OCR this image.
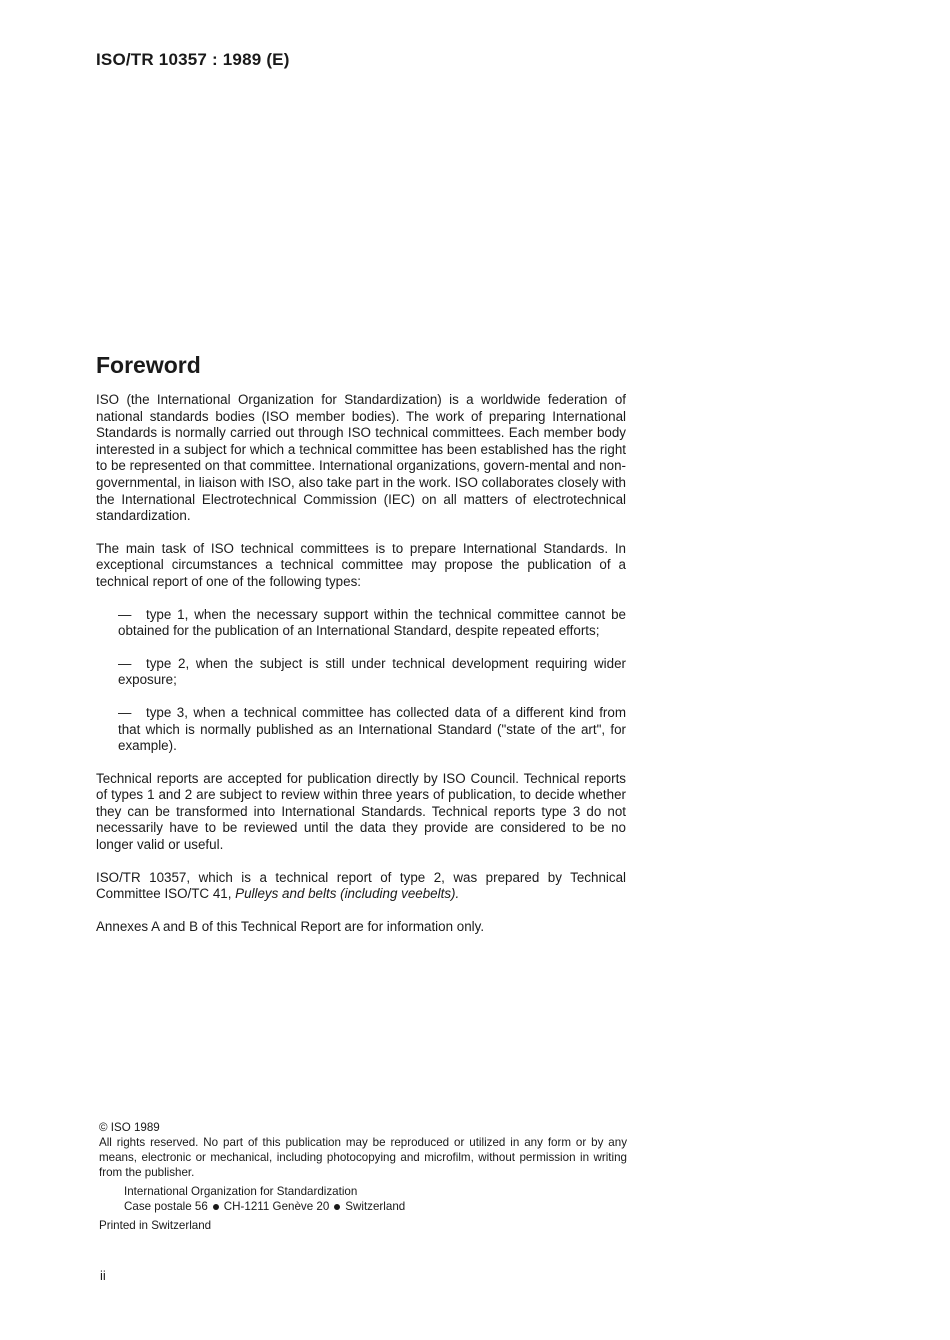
ISO/TR 10357 : 1989 (E)
Foreword

ISO (the International Organization for Standardization) is a worldwide federation of national standards bodies (ISO member bodies). The work of preparing International Standards is normally carried out through ISO technical committees. Each member body interested in a subject for which a technical committee has been established has the right to be represented on that committee. International organizations, govern-mental and non-governmental, in liaison with ISO, also take part in the work. ISO collaborates closely with the International Electrotechnical Commission (IEC) on all matters of electrotechnical standardization.

The main task of ISO technical committees is to prepare International Standards. In exceptional circumstances a technical committee may propose the publication of a technical report of one of the following types:

— type 1, when the necessary support within the technical committee cannot be obtained for the publication of an International Standard, despite repeated efforts;
— type 2, when the subject is still under technical development requiring wider exposure;
— type 3, when a technical committee has collected data of a different kind from that which is normally published as an International Standard ("state of the art", for example).

Technical reports are accepted for publication directly by ISO Council. Technical reports of types 1 and 2 are subject to review within three years of publication, to decide whether they can be transformed into International Standards. Technical reports type 3 do not necessarily have to be reviewed until the data they provide are considered to be no longer valid or useful.

ISO/TR 10357, which is a technical report of type 2, was prepared by Technical Committee ISO/TC 41, Pulleys and belts (including veebelts).

Annexes A and B of this Technical Report are for information only.

© ISO 1989

All rights reserved. No part of this publication may be reproduced or utilized in any form or by any means, electronic or mechanical, including photocopying and microfilm, without permission in writing from the publisher.

International Organization for Standardization
Case postale 56 CH-1211 Genève 20 Switzerland

Printed in Switzerland

ii
